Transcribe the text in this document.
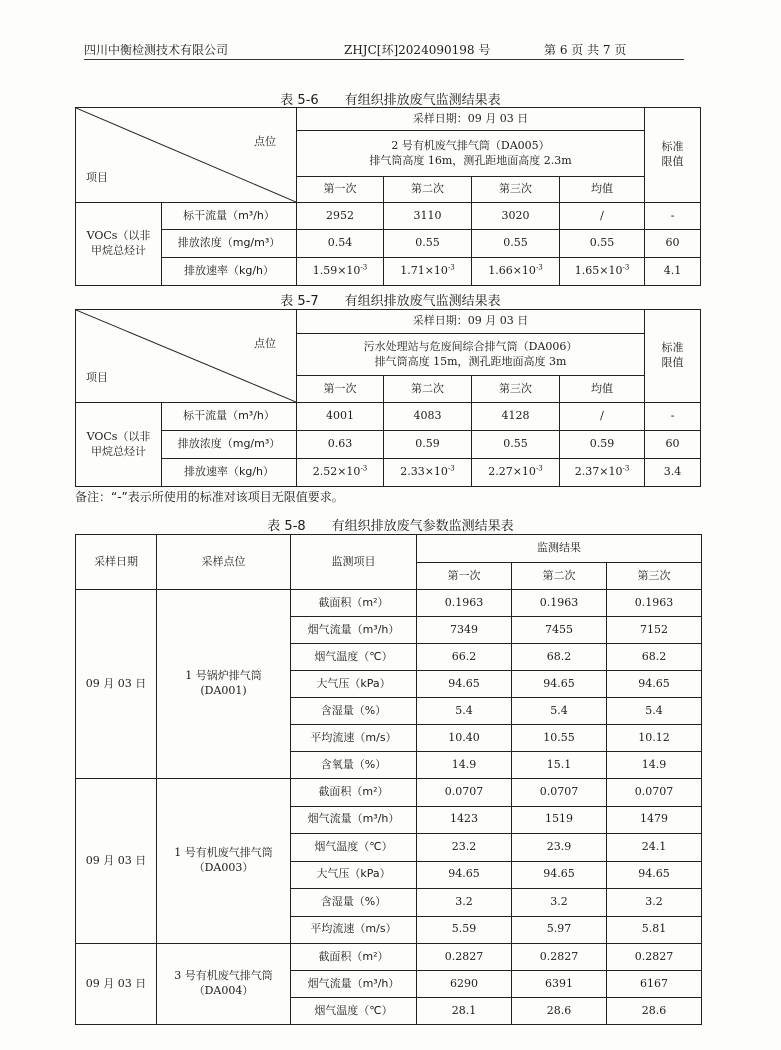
四川中衡检测技术有限公司	ZHJC[环]2024090198 号	第 6 页 共 7 页
表 5-6 有组织排放废气监测结果表
点位
项目		采样日期：09 月 03 日				标准限值

		2 号有机废气排气筒（DA005）
排气筒高度 16m，测孔距地面高度 2.3m				

		第一次	第二次	第三次	均值	
VOCs（以非甲烷总烃计	标干流量（m³/h）	2952	3110	3020	/	-
	排放浓度（mg/m³）	0.54	0.55	0.55	0.55	60
	排放速率（kg/h）	$1.59\times 10^{-3}$	$1.71\times 10^{-3}$	$1.66\times 10^{-3}$	$1.65\times 10^{-3}$	4.1
表 5-7 有组织排放废气监测结果表
点位
项目		采样日期：09 月 03 日				标准限值

		污水处理站与危废间综合排气筒（DA006）
排气筒高度 15m，测孔距地面高度 3m				

		第一次	第二次	第三次	均值	
VOCs（以非甲烷总烃计	标干流量（m³/h）	4001	4083	4128	/	-
	排放浓度（mg/m³）	0.63	0.59	0.55	0.59	60
	排放速率（kg/h）	$2.52\times 10^{-3}$	$2.33\times 10^{-3}$	$2.27\times 10^{-3}$	$2.37\times 10^{-3}$	3.4
备注：“-”表示所使用的标准对该项目无限值要求。
表 5-8 有组织排放废气参数监测结果表
采样日期	采样点位	监测项目	监测结果		
			第一次	第二次	第三次
09 月 03 日	1 号锅炉排气筒(DA001)	截面积（m²）	0.1963	0.1963	0.1963
		烟气流量（m³/h）	7349	7455	7152
		烟气温度（℃）	66.2	68.2	68.2
		大气压（kPa）	94.65	94.65	94.65
		含湿量（%）	5.4	5.4	5.4
		平均流速（m/s）	10.40	10.55	10.12
		含氧量（%）	14.9	15.1	14.9
09 月 03 日	1 号有机废气排气筒（DA003）	截面积（m²）	0.0707	0.0707	0.0707
		烟气流量（m³/h）	1423	1519	1479
		烟气温度（℃）	23.2	23.9	24.1
		大气压（kPa）	94.65	94.65	94.65
		含湿量（%）	3.2	3.2	3.2
		平均流速（m/s）	5.59	5.97	5.81
09 月 03 日	3 号有机废气排气筒（DA004）	截面积（m²）	0.2827	0.2827	0.2827
		烟气流量（m³/h）	6290	6391	6167
		烟气温度（℃）	28.1	28.6	28.6
